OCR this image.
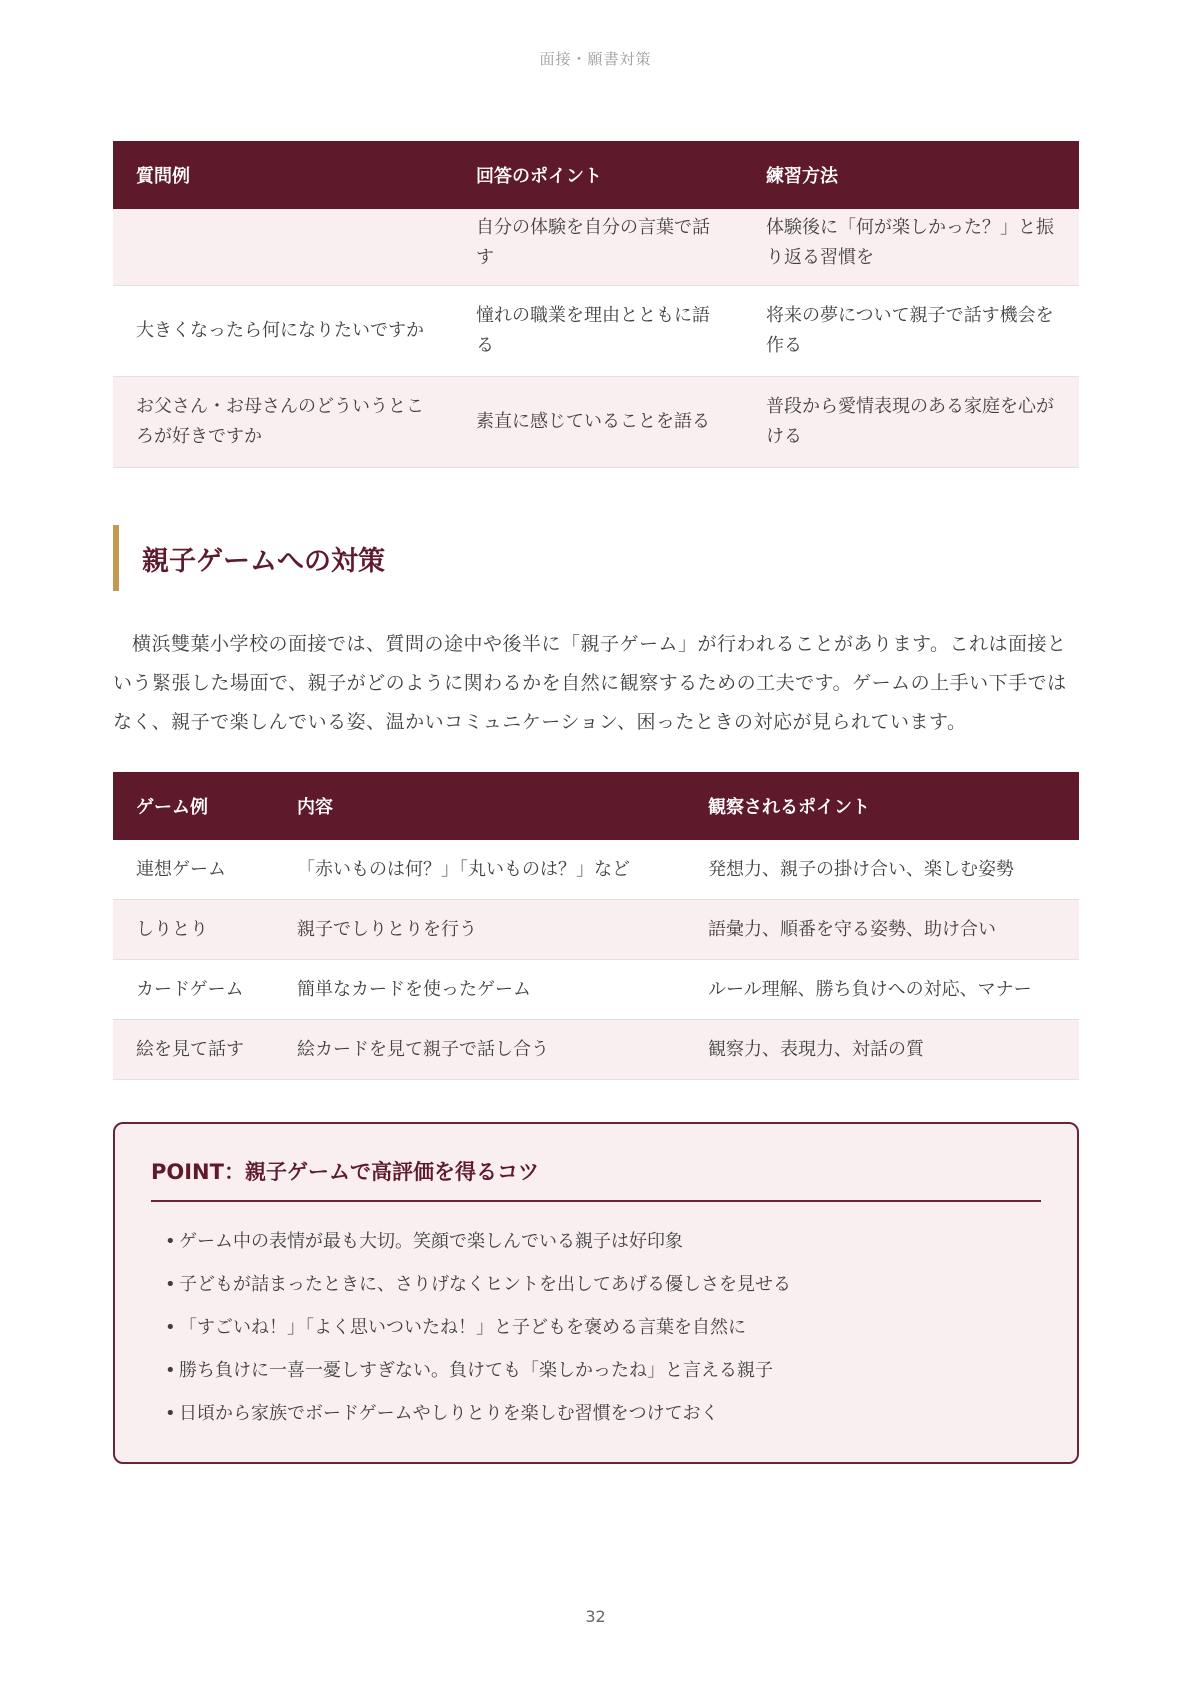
面接・願書対策
質問例	回答のポイント	練習方法
	自分の体験を自分の言葉で話す	体験後に「何が楽しかった？」と振り返る習慣を
大きくなったら何になりたいですか	憧れの職業を理由とともに語る	将来の夢について親子で話す機会を作る
お父さん・お母さんのどういうところが好きですか	素直に感じていることを語る	普段から愛情表現のある家庭を心がける
親子ゲームへの対策

横浜雙葉小学校の面接では、質問の途中や後半に「親子ゲーム」が行われることがあります。これは面接という緊張した場面で、親子がどのように関わるかを自然に観察するための工夫です。ゲームの上手い下手ではなく、親子で楽しんでいる姿、温かいコミュニケーション、困ったときの対応が見られています。

ゲーム例	内容	観察されるポイント
連想ゲーム	「赤いものは何？」「丸いものは？」など	発想力、親子の掛け合い、楽しむ姿勢
しりとり	親子でしりとりを行う	語彙力、順番を守る姿勢、助け合い
カードゲーム	簡単なカードを使ったゲーム	ルール理解、勝ち負けへの対応、マナー
絵を見て話す	絵カードを見て親子で話し合う	観察力、表現力、対話の質
POINT：親子ゲームで高評価を得るコツ
• ゲーム中の表情が最も大切。笑顔で楽しんでいる親子は好印象
• 子どもが詰まったときに、さりげなくヒントを出してあげる優しさを見せる
• 「すごいね！」「よく思いついたね！」と子どもを褒める言葉を自然に
• 勝ち負けに一喜一憂しすぎない。負けても「楽しかったね」と言える親子
• 日頃から家族でボードゲームやしりとりを楽しむ習慣をつけておく
32
